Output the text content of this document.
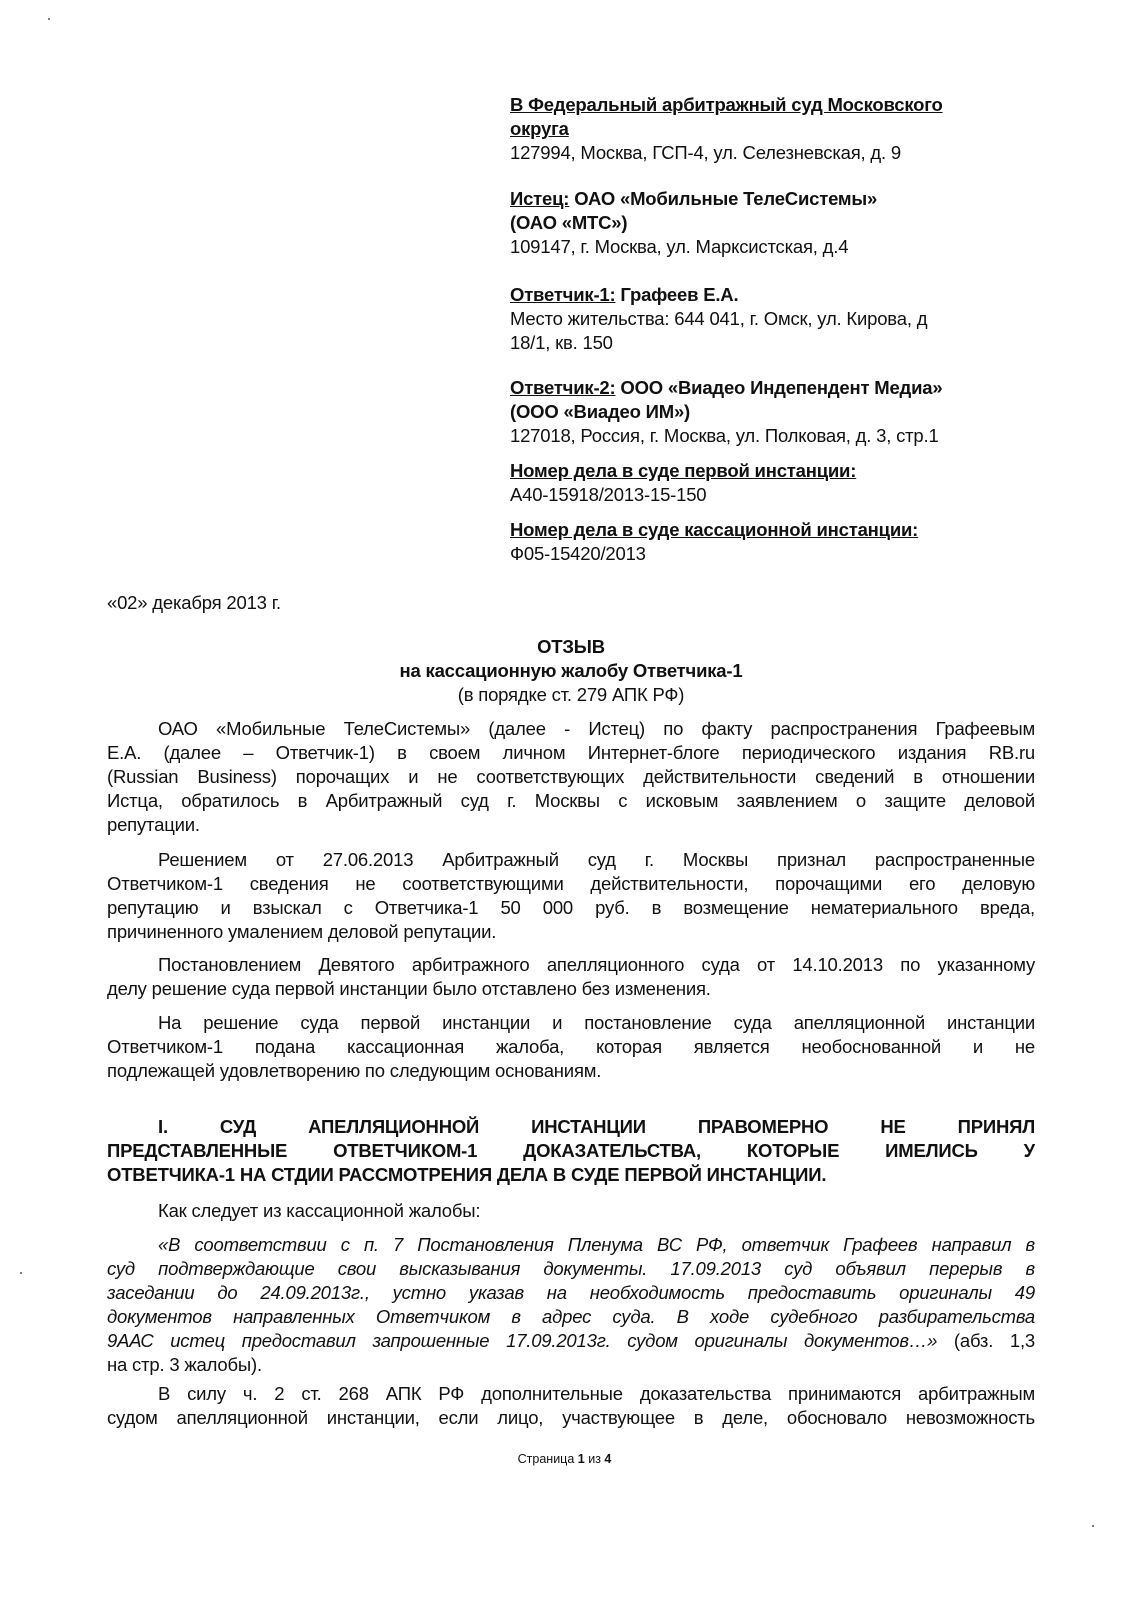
В Федеральный арбитражный суд Московского
округа
127994, Москва, ГСП-4, ул. Селезневская, д. 9
Истец: ОАО «Мобильные ТелеСистемы»
(ОАО «МТС»)
109147, г. Москва, ул. Марксистская, д.4
Ответчик-1: Графеев Е.А.
Место жительства: 644 041, г. Омск, ул. Кирова, д
18/1, кв. 150
Ответчик-2: ООО «Виадео Индепендент Медиа»
(ООО «Виадео ИМ»)
127018, Россия, г. Москва, ул. Полковая, д. 3, стр.1
Номер дела в суде первой инстанции:
А40-15918/2013-15-150
Номер дела в суде кассационной инстанции:
Ф05-15420/2013
«02» декабря 2013 г.
ОТЗЫВ
на кассационную жалобу Ответчика-1
(в порядке ст. 279 АПК РФ)
ОАО «Мобильные ТелеСистемы» (далее - Истец) по факту распространения Графеевым
Е.А. (далее – Ответчик-1) в своем личном Интернет-блоге периодического издания RB.ru
(Russian Business) порочащих и не соответствующих действительности сведений в отношении
Истца, обратилось в Арбитражный суд г. Москвы с исковым заявлением о защите деловой
репутации.
Решением от 27.06.2013 Арбитражный суд г. Москвы признал распространенные
Ответчиком-1 сведения не соответствующими действительности, порочащими его деловую
репутацию и взыскал с Ответчика-1 50 000 руб. в возмещение нематериального вреда,
причиненного умалением деловой репутации.
Постановлением Девятого арбитражного апелляционного суда от 14.10.2013 по указанному
делу решение суда первой инстанции было отставлено без изменения.
На решение суда первой инстанции и постановление суда апелляционной инстанции
Ответчиком-1 подана кассационная жалоба, которая является необоснованной и не
подлежащей удовлетворению по следующим основаниям.
I. СУД АПЕЛЛЯЦИОННОЙ ИНСТАНЦИИ ПРАВОМЕРНО НЕ ПРИНЯЛ
ПРЕДСТАВЛЕННЫЕ ОТВЕТЧИКОМ-1 ДОКАЗАТЕЛЬСТВА, КОТОРЫЕ ИМЕЛИСЬ У
ОТВЕТЧИКА-1 НА СТДИИ РАССМОТРЕНИЯ ДЕЛА В СУДЕ ПЕРВОЙ ИНСТАНЦИИ.
Как следует из кассационной жалобы:
«В соответствии с п. 7 Постановления Пленума ВС РФ, ответчик Графеев направил в
суд подтверждающие свои высказывания документы. 17.09.2013 суд объявил перерыв в
заседании до 24.09.2013г., устно указав на необходимость предоставить оригиналы 49
документов направленных Ответчиком в адрес суда. В ходе судебного разбирательства
9ААС истец предоставил запрошенные 17.09.2013г. судом оригиналы документов…» (абз. 1,3
на стр. 3 жалобы).
В силу ч. 2 ст. 268 АПК РФ дополнительные доказательства принимаются арбитражным
судом апелляционной инстанции, если лицо, участвующее в деле, обосновало невозможность
Страница 1 из 4
